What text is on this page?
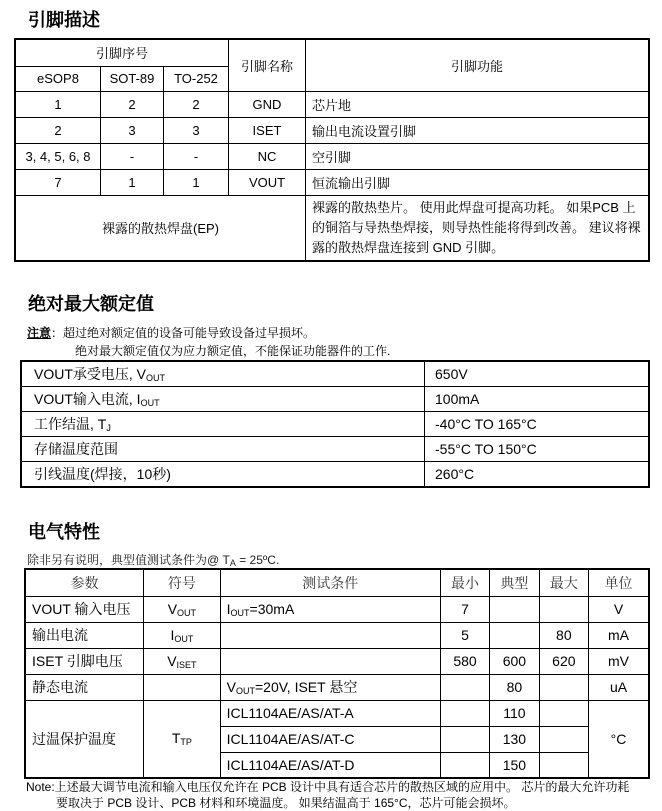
引脚描述
引脚序号			引脚名称	引脚功能
eSOP8	SOT-89	TO-252		
1	2	2	GND	芯片地
2	3	3	ISET	输出电流设置引脚
3, 4, 5, 6, 8	-	-	NC	空引脚
7	1	1	VOUT	恒流输出引脚
裸露的散热焊盘(EP)				裸露的散热垫片。 使用此焊盘可提高功耗。 如果PCB 上的铜箔与导热垫焊接，则导热性能将得到改善。 建议将裸露的散热焊盘连接到 GND 引脚。
绝对最大额定值
注意：超过绝对额定值的设备可能导致设备过早损坏。
绝对最大额定值仅为应力额定值，不能保证功能器件的工作.
VOUT承受电压, $V_{OUT}$	650V
VOUT输入电流, $I_{OUT}$	100mA
工作结温, $T_J$	-40°C TO 165°C
存储温度范围	-55°C TO 150°C
引线温度(焊接，10秒)	260°C
电气特性
除非另有说明，典型值测试条件为@ $T_A$ = 25ºC.
参数	符号	测试条件	最小	典型	最大	单位
VOUT 输入电压	$V_{OUT}$	$I_{OUT}=30mA$	7			V
输出电流	$I_{OUT}$		5		80	mA
ISET 引脚电压	$V_{ISET}$		580	600	620	mV
静态电流		$V_{OUT}=20V$, ISET 悬空		80		uA
过温保护温度	$T_{TP}$	ICL1104AE/AS/AT-A		110		°C
		ICL1104AE/AS/AT-C		130		
		ICL1104AE/AS/AT-D		150		
Note:上述最大调节电流和输入电压仅允许在 PCB 设计中具有适合芯片的散热区域的应用中。 芯片的最大允许功耗
要取决于 PCB 设计、PCB 材料和环境温度。 如果结温高于 165°C，芯片可能会损坏。
